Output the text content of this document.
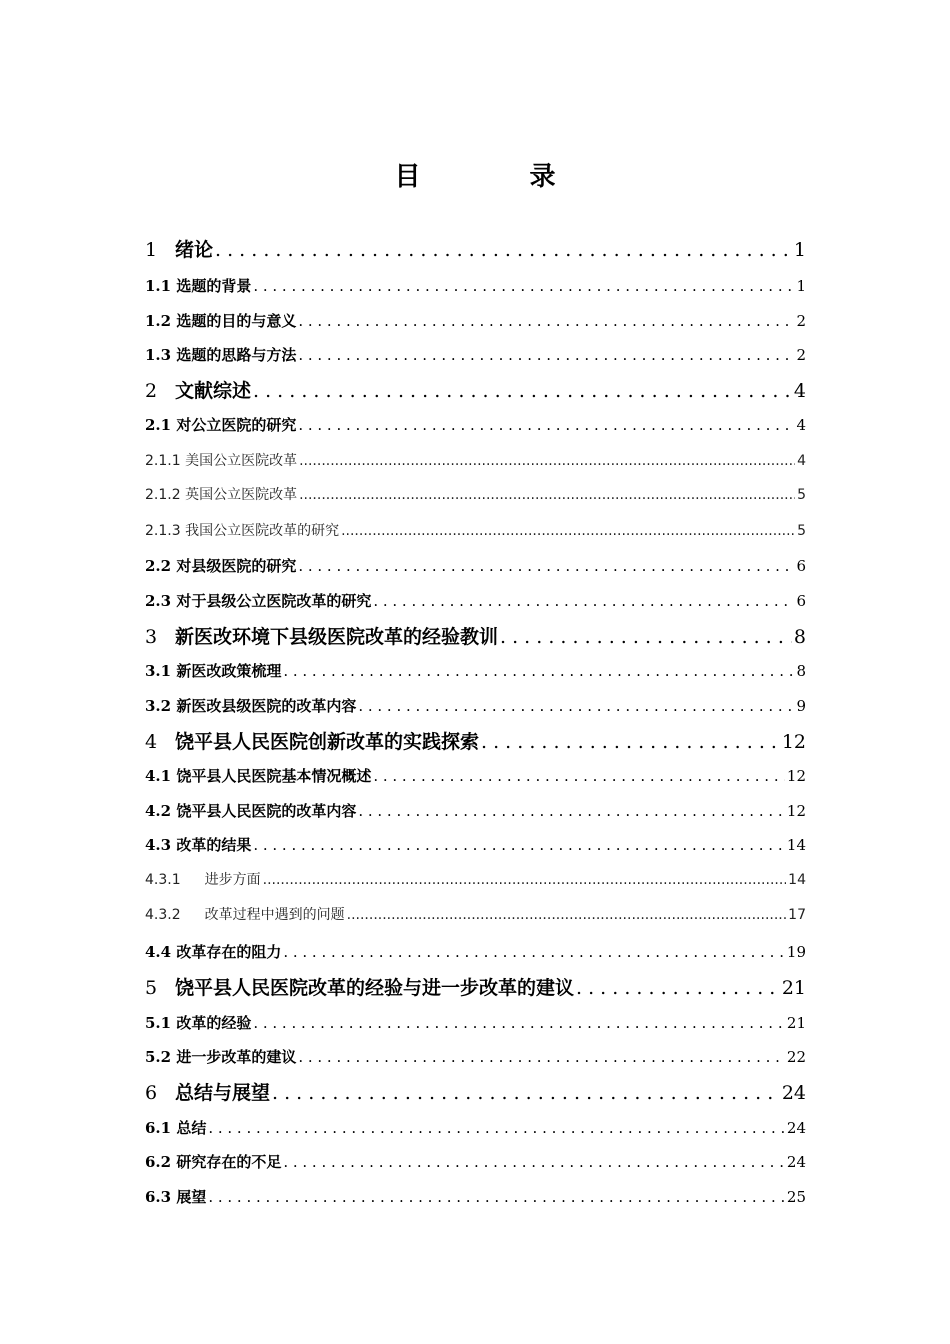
目 录
1 绪论 . . .	1
1.1 选题的背景 . . .	1
1.2 选题的目的与意义 . . .	2
1.3 选题的思路与方法 . . .	2
2 文献综述 . . .	4
2.1 对公立医院的研究 . . .	4
2.1.1 美国公立医院改革 .....	4
2.1.2 英国公立医院改革 .....	5
2.1.3 我国公立医院改革的研究 .....	5
2.2 对县级医院的研究 . . .	6
2.3 对于县级公立医院改革的研究 . . .	6
3 新医改环境下县级医院改革的经验教训 . . .	8
3.1 新医改政策梳理 . . .	8
3.2 新医改县级医院的改革内容 . . .	9
4 饶平县人民医院创新改革的实践探索 . . .	12
4.1 饶平县人民医院基本情况概述 . . .	12
4.2 饶平县人民医院的改革内容 . . .	12
4.3 改革的结果 . . .	14
4.3.1 进步方面 .....	14
4.3.2 改革过程中遇到的问题 .....	17
4.4 改革存在的阻力 . . .	19
5 饶平县人民医院改革的经验与进一步改革的建议 . . .	21
5.1 改革的经验 . . .	21
5.2 进一步改革的建议 . . .	22
6 总结与展望 . . .	24
6.1 总结 . . .	24
6.2 研究存在的不足 . . .	24
6.3 展望 . . .	25
